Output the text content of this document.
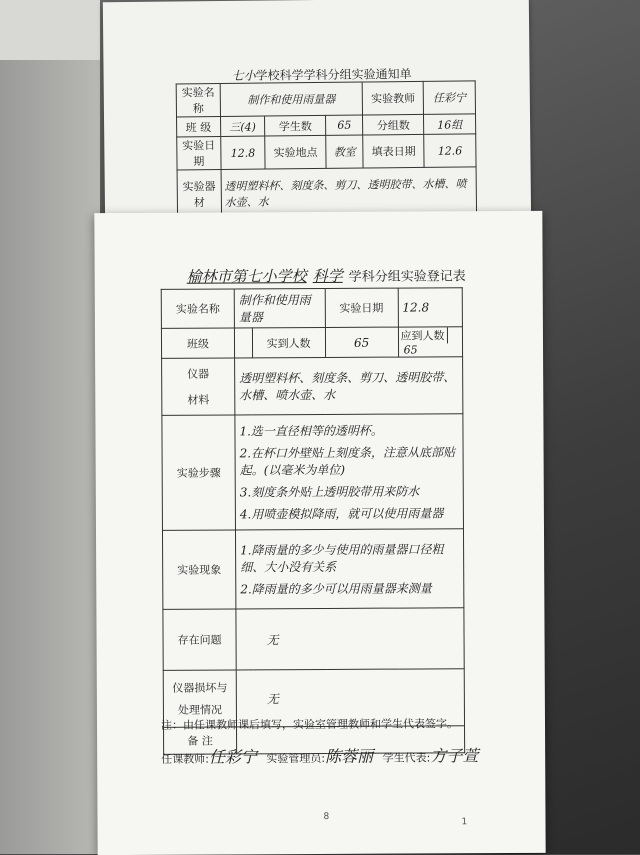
七小学校科学学科分组实验通知单
实验名称	制作和使用雨量器			实验教师	任彩宁
班 级	三(4)	学生数	65	分组数	16组
实验日期	12.8	实验地点	教室	填表日期	12.6
实验器材	透明塑料杯、刻度条、剪刀、透明胶带、水槽、喷水壶、水				
榆林市第七小学校 科学 学科分组实验登记表
实验名称	制作和使用雨量器		实验日期	12.8
班级		实到人数	65	应到人数65

仪器
材料	透明塑料杯、刻度条、剪刀、透明胶带、水槽、喷水壶、水			
实验步骤	1.选一直径相等的透明杯。
2.在杯口外壁贴上刻度条，注意从底部贴起。(以毫米为单位)
3.刻度条外贴上透明胶带用来防水
4.用喷壶模拟降雨，就可以使用雨量器			

实验现象	1.降雨量的多少与使用的雨量器口径粗细、大小没有关系
2.降雨量的多少可以用雨量器来测量			

存在问题	无			

仪器损坏与
处理情况	无			
备 注				
注：由任课教师课后填写，实验室管理教师和学生代表签字。
任课教师:任彩宁 实验管理员:陈蓉丽 学生代表:方子萱
8
1
